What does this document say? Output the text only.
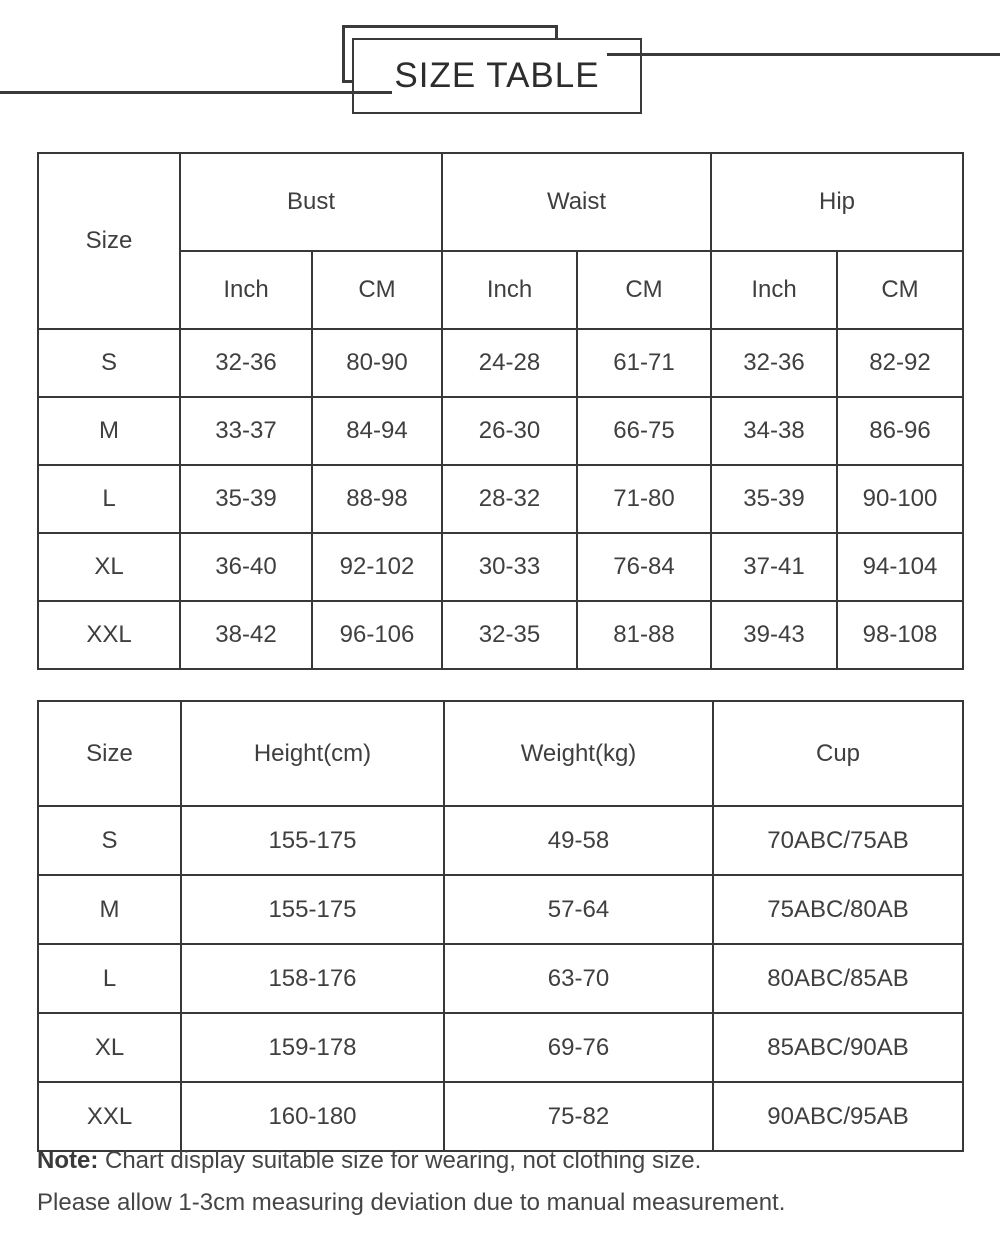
SIZE TABLE
Size	Bust		Waist		Hip	
	Inch	CM	Inch	CM	Inch	CM
S	32-36	80-90	24-28	61-71	32-36	82-92
M	33-37	84-94	26-30	66-75	34-38	86-96
L	35-39	88-98	28-32	71-80	35-39	90-100
XL	36-40	92-102	30-33	76-84	37-41	94-104
XXL	38-42	96-106	32-35	81-88	39-43	98-108
Size	Height(cm)	Weight(kg)	Cup
S	155-175	49-58	70ABC/75AB
M	155-175	57-64	75ABC/80AB
L	158-176	63-70	80ABC/85AB
XL	159-178	69-76	85ABC/90AB
XXL	160-180	75-82	90ABC/95AB

Note: Chart display suitable size for wearing, not clothing size.

Please allow 1-3cm measuring deviation due to manual measurement.
